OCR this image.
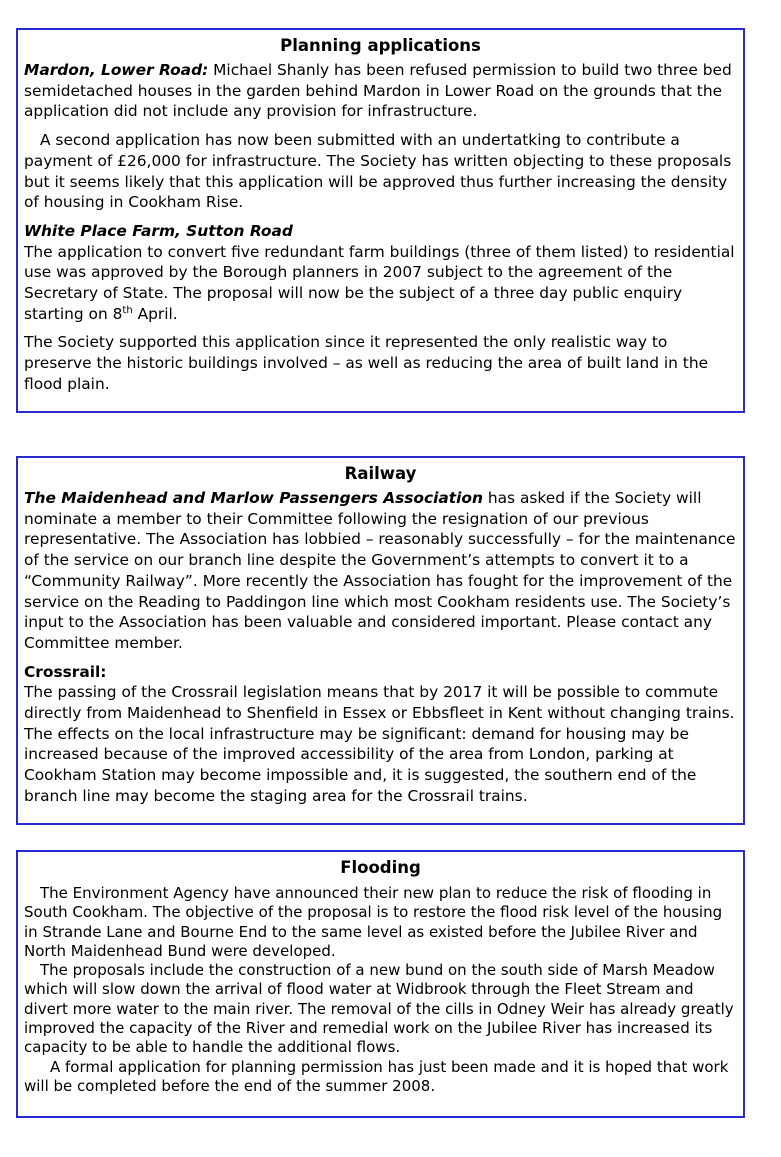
Planning applications

Mardon, Lower Road: Michael Shanly has been refused permission to build two three bed semidetached houses in the garden behind Mardon in Lower Road on the grounds that the application did not include any provision for infrastructure.

A second application has now been submitted with an undertatking to contribute a payment of £26,000 for infrastructure. The Society has written objecting to these proposals but it seems likely that this application will be approved thus further increasing the density of housing in Cookham Rise.

White Place Farm, Sutton Road

The application to convert five redundant farm buildings (three of them listed) to residential use was approved by the Borough planners in 2007 subject to the agreement of the Secretary of State. The proposal will now be the subject of a three day public enquiry starting on 8th April.

The Society supported this application since it represented the only realistic way to preserve the historic buildings involved – as well as reducing the area of built land in the flood plain.

Railway

The Maidenhead and Marlow Passengers Association has asked if the Society will nominate a member to their Committee following the resignation of our previous representative. The Association has lobbied – reasonably successfully – for the maintenance of the service on our branch line despite the Government’s attempts to convert it to a “Community Railway”. More recently the Association has fought for the improvement of the service on the Reading to Paddingon line which most Cookham residents use. The Society’s input to the Association has been valuable and considered important. Please contact any Committee member.

Crossrail:

The passing of the Crossrail legislation means that by 2017 it will be possible to commute directly from Maidenhead to Shenfield in Essex or Ebbsfleet in Kent without changing trains. The effects on the local infrastructure may be significant: demand for housing may be increased because of the improved accessibility of the area from London, parking at Cookham Station may become impossible and, it is suggested, the southern end of the branch line may become the staging area for the Crossrail trains.

Flooding

The Environment Agency have announced their new plan to reduce the risk of flooding in South Cookham. The objective of the proposal is to restore the flood risk level of the housing in Strande Lane and Bourne End to the same level as existed before the Jubilee River and North Maidenhead Bund were developed.

The proposals include the construction of a new bund on the south side of Marsh Meadow which will slow down the arrival of flood water at Widbrook through the Fleet Stream and divert more water to the main river. The removal of the cills in Odney Weir has already greatly improved the capacity of the River and remedial work on the Jubilee River has increased its capacity to be able to handle the additional flows.

A formal application for planning permission has just been made and it is hoped that work will be completed before the end of the summer 2008.
